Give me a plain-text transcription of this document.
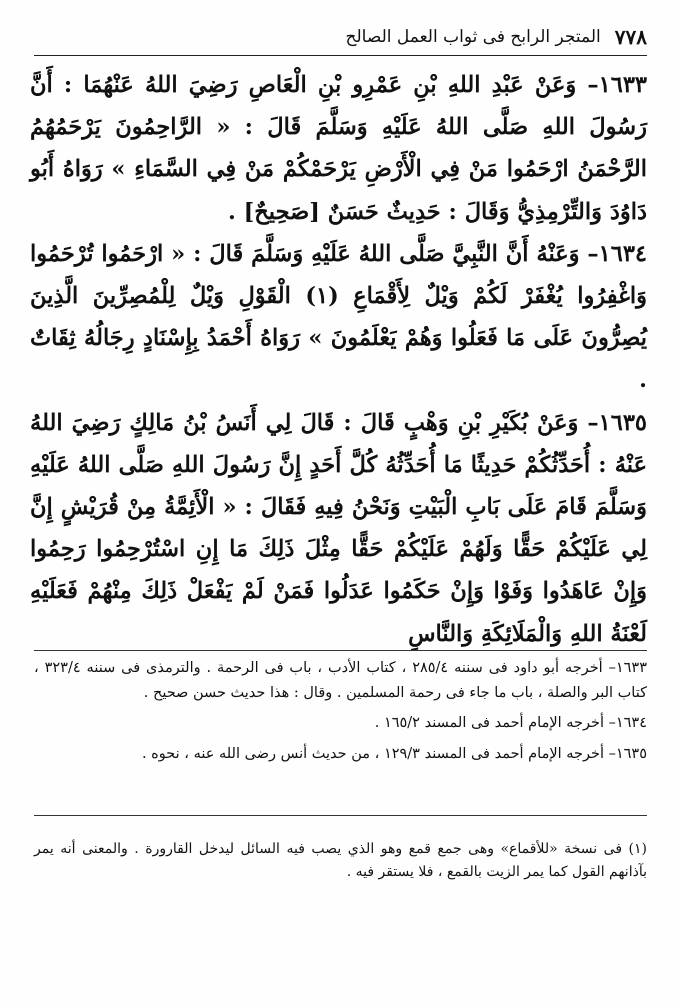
٧٧٨
المتجر الرابح فى ثواب العمل الصالح

١٦٣٣– وَعَنْ عَبْدِ اللهِ بْنِ عَمْرِو بْنِ الْعَاصِ رَضِيَ اللهُ عَنْهُمَا : أَنَّ رَسُولَ اللهِ صَلَّى اللهُ عَلَيْهِ وَسَلَّمَ قَالَ : « الرَّاحِمُونَ يَرْحَمُهُمُ الرَّحْمَنُ ارْحَمُوا مَنْ فِي الْأَرْضِ يَرْحَمْكُمْ مَنْ فِي السَّمَاءِ » رَوَاهُ أَبُو دَاوُدَ وَالتِّرْمِذِيُّ وَقَالَ : حَدِيثٌ حَسَنٌ [صَحِيحٌ] .

١٦٣٤– وَعَنْهُ أَنَّ النَّبِيَّ صَلَّى اللهُ عَلَيْهِ وَسَلَّمَ قَالَ : « ارْحَمُوا تُرْحَمُوا وَاغْفِرُوا يُغْفَرْ لَكُمْ وَيْلٌ لِأَقْمَاعِ (١) الْقَوْلِ وَيْلٌ لِلْمُصِرِّينَ الَّذِينَ يُصِرُّونَ عَلَى مَا فَعَلُوا وَهُمْ يَعْلَمُونَ » رَوَاهُ أَحْمَدُ بِإِسْنَادٍ رِجَالُهُ ثِقَاتٌ .

١٦٣٥– وَعَنْ بُكَيْرِ بْنِ وَهْبٍ قَالَ : قَالَ لِي أَنَسُ بْنُ مَالِكٍ رَضِيَ اللهُ عَنْهُ : أُحَدِّثُكُمْ حَدِيثًا مَا أُحَدِّثُهُ كُلَّ أَحَدٍ إِنَّ رَسُولَ اللهِ صَلَّى اللهُ عَلَيْهِ وَسَلَّمَ قَامَ عَلَى بَابِ الْبَيْتِ وَنَحْنُ فِيهِ فَقَالَ : « الْأَئِمَّةُ مِنْ قُرَيْشٍ إِنَّ لِي عَلَيْكُمْ حَقًّا وَلَهُمْ عَلَيْكُمْ حَقًّا مِثْلَ ذَلِكَ مَا إِنِ اسْتُرْحِمُوا رَحِمُوا وَإِنْ عَاهَدُوا وَفَوْا وَإِنْ حَكَمُوا عَدَلُوا فَمَنْ لَمْ يَفْعَلْ ذَلِكَ مِنْهُمْ فَعَلَيْهِ لَعْنَةُ اللهِ وَالْمَلَائِكَةِ وَالنَّاسِ

١٦٣٣– أخرجه أبو داود فى سننه ٢٨٥/٤ ، كتاب الأدب ، باب فى الرحمة . والترمذى فى سننه ٣٢٣/٤ ، كتاب البر والصلة ، باب ما جاء فى رحمة المسلمين . وقال : هذا حديث حسن صحيح .

١٦٣٤– أخرجه الإمام أحمد فى المسند ١٦٥/٢ .

١٦٣٥– أخرجه الإمام أحمد فى المسند ١٢٩/٣ ، من حديث أنس رضى الله عنه ، نحوه .

(١) فى نسخة «للأقماع» وهى جمع قمع وهو الذي يصب فيه السائل ليدخل القارورة . والمعنى أنه يمر بآذانهم القول كما يمر الزيت بالقمع ، فلا يستقر فيه .
